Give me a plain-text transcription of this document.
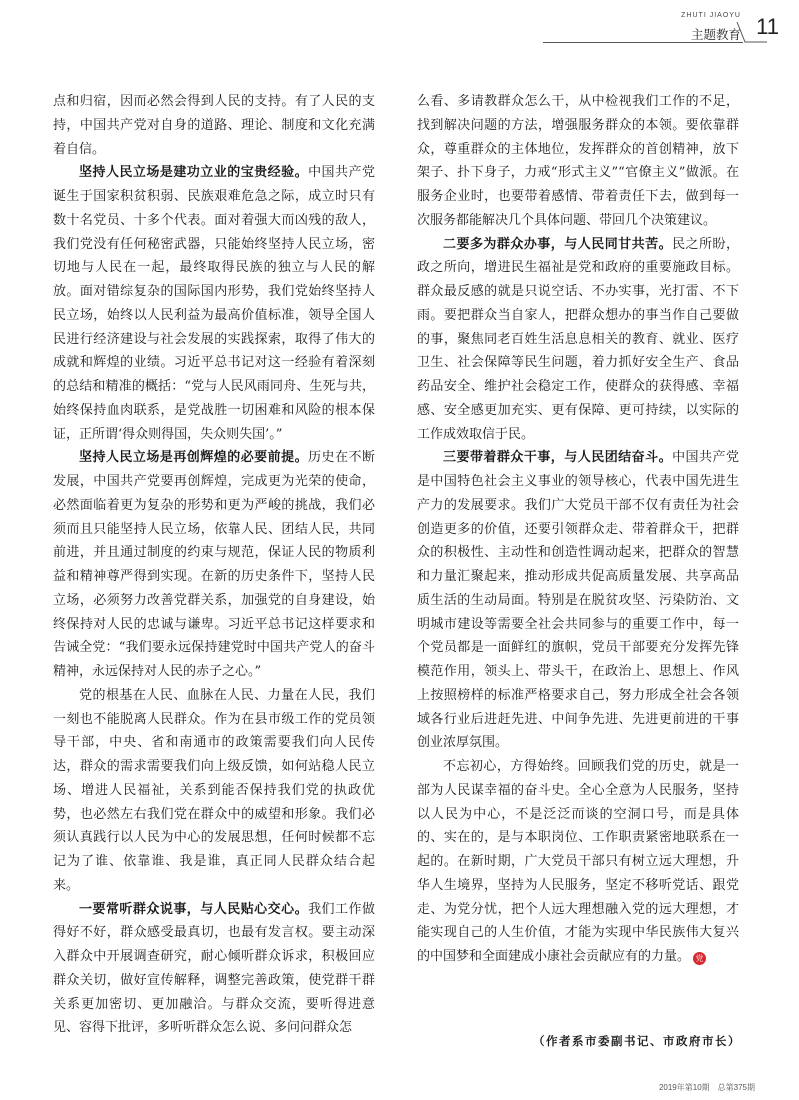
ZHUTI JIAOYU
主题教育 11

点和归宿，因而必然会得到人民的支持。有了人民的支持，中国共产党对自身的道路、理论、制度和文化充满着自信。

坚持人民立场是建功立业的宝贵经验。中国共产党诞生于国家积贫积弱、民族艰难危急之际，成立时只有数十名党员、十多个代表。面对着强大而凶残的敌人，我们党没有任何秘密武器，只能始终坚持人民立场，密切地与人民在一起，最终取得民族的独立与人民的解放。面对错综复杂的国际国内形势，我们党始终坚持人民立场，始终以人民利益为最高价值标准，领导全国人民进行经济建设与社会发展的实践探索，取得了伟大的成就和辉煌的业绩。习近平总书记对这一经验有着深刻的总结和精准的概括：“党与人民风雨同舟、生死与共，始终保持血肉联系，是党战胜一切困难和风险的根本保证，正所谓‘得众则得国，失众则失国’。”

坚持人民立场是再创辉煌的必要前提。历史在不断发展，中国共产党要再创辉煌，完成更为光荣的使命，必然面临着更为复杂的形势和更为严峻的挑战，我们必须而且只能坚持人民立场，依靠人民、团结人民，共同前进，并且通过制度的约束与规范，保证人民的物质利益和精神尊严得到实现。在新的历史条件下，坚持人民立场，必须努力改善党群关系，加强党的自身建设，始终保持对人民的忠诚与谦卑。习近平总书记这样要求和告诫全党：“我们要永远保持建党时中国共产党人的奋斗精神，永远保持对人民的赤子之心。”

党的根基在人民、血脉在人民、力量在人民，我们一刻也不能脱离人民群众。作为在县市级工作的党员领导干部，中央、省和南通市的政策需要我们向人民传达，群众的需求需要我们向上级反馈，如何站稳人民立场、增进人民福祉，关系到能否保持我们党的执政优势，也必然左右我们党在群众中的威望和形象。我们必须认真践行以人民为中心的发展思想，任何时候都不忘记为了谁、依靠谁、我是谁，真正同人民群众结合起来。

一要常听群众说事，与人民贴心交心。我们工作做得好不好，群众感受最真切，也最有发言权。要主动深入群众中开展调查研究，耐心倾听群众诉求，积极回应群众关切，做好宣传解释，调整完善政策，使党群干群关系更加密切、更加融洽。与群众交流，要听得进意见、容得下批评，多听听群众怎么说、多问问群众怎

么看、多请教群众怎么干，从中检视我们工作的不足，找到解决问题的方法，增强服务群众的本领。要依靠群众，尊重群众的主体地位，发挥群众的首创精神，放下架子、扑下身子，力戒“形式主义”“官僚主义”做派。在服务企业时，也要带着感情、带着责任下去，做到每一次服务都能解决几个具体问题、带回几个决策建议。

二要多为群众办事，与人民同甘共苦。民之所盼，政之所向，增进民生福祉是党和政府的重要施政目标。群众最反感的就是只说空话、不办实事，光打雷、不下雨。要把群众当自家人，把群众想办的事当作自己要做的事，聚焦同老百姓生活息息相关的教育、就业、医疗卫生、社会保障等民生问题，着力抓好安全生产、食品药品安全、维护社会稳定工作，使群众的获得感、幸福感、安全感更加充实、更有保障、更可持续，以实际的工作成效取信于民。

三要带着群众干事，与人民团结奋斗。中国共产党是中国特色社会主义事业的领导核心，代表中国先进生产力的发展要求。我们广大党员干部不仅有责任为社会创造更多的价值，还要引领群众走、带着群众干，把群众的积极性、主动性和创造性调动起来，把群众的智慧和力量汇聚起来，推动形成共促高质量发展、共享高品质生活的生动局面。特别是在脱贫攻坚、污染防治、文明城市建设等需要全社会共同参与的重要工作中，每一个党员都是一面鲜红的旗帜，党员干部要充分发挥先锋模范作用，领头上、带头干，在政治上、思想上、作风上按照榜样的标准严格要求自己，努力形成全社会各领域各行业后进赶先进、中间争先进、先进更前进的干事创业浓厚氛围。

不忘初心，方得始终。回顾我们党的历史，就是一部为人民谋幸福的奋斗史。全心全意为人民服务，坚持以人民为中心，不是泛泛而谈的空洞口号，而是具体的、实在的，是与本职岗位、工作职责紧密地联系在一起的。在新时期，广大党员干部只有树立远大理想，升华人生境界，坚持为人民服务，坚定不移听党话、跟党走、为党分忧，把个人远大理想融入党的远大理想，才能实现自己的人生价值，才能为实现中华民族伟大复兴的中国梦和全面建成小康社会贡献应有的力量。 党

（作者系市委副书记、市政府市长）
2019年第10期　总第375期
